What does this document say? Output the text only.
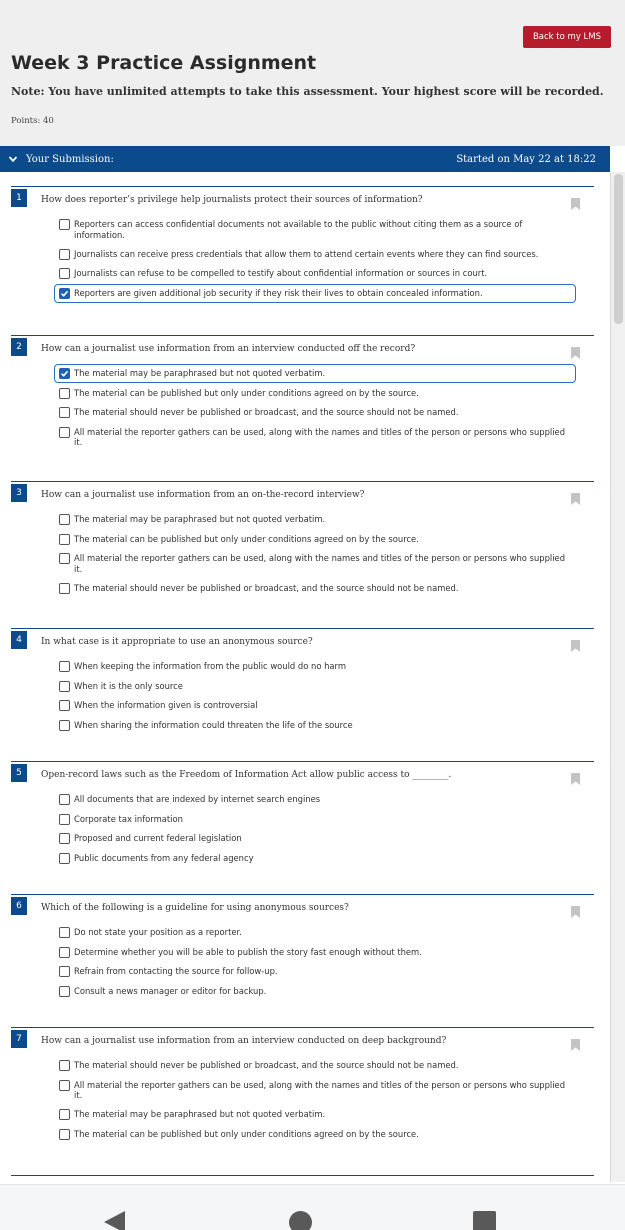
Back to my LMS
Week 3 Practice Assignment
Note: You have unlimited attempts to take this assessment. Your highest score will be recorded.
Points: 40
Your Submission:	Started on May 22 at 18:22
1	How does reporter’s privilege help journalists protect their sources of information?
Reporters can access confidential documents not available to the public without citing them as a source of information.
Journalists can receive press credentials that allow them to attend certain events where they can find sources.
Journalists can refuse to be compelled to testify about confidential information or sources in court.
Reporters are given additional job security if they risk their lives to obtain concealed information.
2	How can a journalist use information from an interview conducted off the record?
The material may be paraphrased but not quoted verbatim.
The material can be published but only under conditions agreed on by the source.
The material should never be published or broadcast, and the source should not be named.
All material the reporter gathers can be used, along with the names and titles of the person or persons who supplied it.
3	How can a journalist use information from an on-the-record interview?
The material may be paraphrased but not quoted verbatim.
The material can be published but only under conditions agreed on by the source.
All material the reporter gathers can be used, along with the names and titles of the person or persons who supplied it.
The material should never be published or broadcast, and the source should not be named.
4	In what case is it appropriate to use an anonymous source?
When keeping the information from the public would do no harm
When it is the only source
When the information given is controversial
When sharing the information could threaten the life of the source
5	Open-record laws such as the Freedom of Information Act allow public access to ________.
All documents that are indexed by internet search engines
Corporate tax information
Proposed and current federal legislation
Public documents from any federal agency
6	Which of the following is a guideline for using anonymous sources?
Do not state your position as a reporter.
Determine whether you will be able to publish the story fast enough without them.
Refrain from contacting the source for follow-up.
Consult a news manager or editor for backup.
7	How can a journalist use information from an interview conducted on deep background?
The material should never be published or broadcast, and the source should not be named.
All material the reporter gathers can be used, along with the names and titles of the person or persons who supplied it.
The material may be paraphrased but not quoted verbatim.
The material can be published but only under conditions agreed on by the source.
